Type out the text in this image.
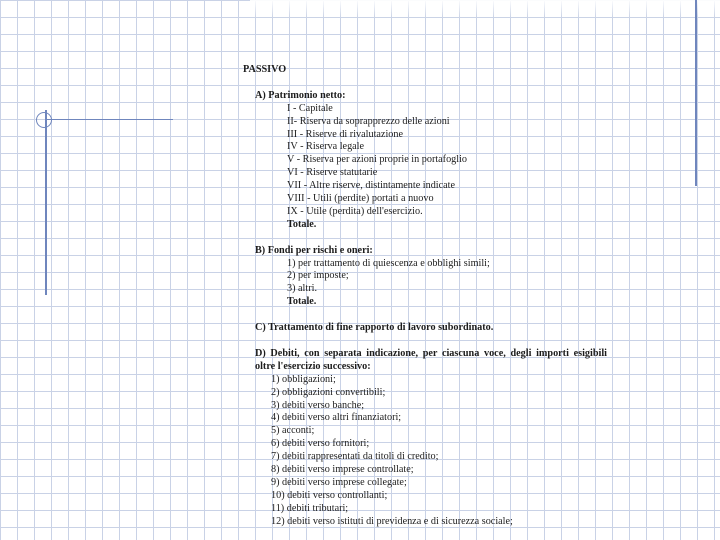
PASSIVO
A) Patrimonio netto:
I - Capitale
II- Riserva da soprapprezzo delle azioni
III - Riserve di rivalutazione
IV - Riserva legale
V - Riserva per azioni proprie in portafoglio
VI - Riserve statutarie
VII - Altre riserve, distintamente indicate
VIII - Utili (perdite) portati a nuovo
IX - Utile (perdita) dell'esercizio.
Totale.
B) Fondi per rischi e oneri:
1) per trattamento di quiescenza e obblighi simili;
2) per imposte;
3) altri.
Totale.
C) Trattamento di fine rapporto di lavoro subordinato.
D) Debiti, con separata indicazione, per ciascuna voce, degli importi esigibili oltre l'esercizio successivo:
1) obbligazioni;
2) obbligazioni convertibili;
3) debiti verso banche;
4) debiti verso altri finanziatori;
5) acconti;
6) debiti verso fornitori;
7) debiti rappresentati da titoli di credito;
8) debiti verso imprese controllate;
9) debiti verso imprese collegate;
10) debiti verso controllanti;
11) debiti tributari;
12) debiti verso istituti di previdenza e di sicurezza sociale;
